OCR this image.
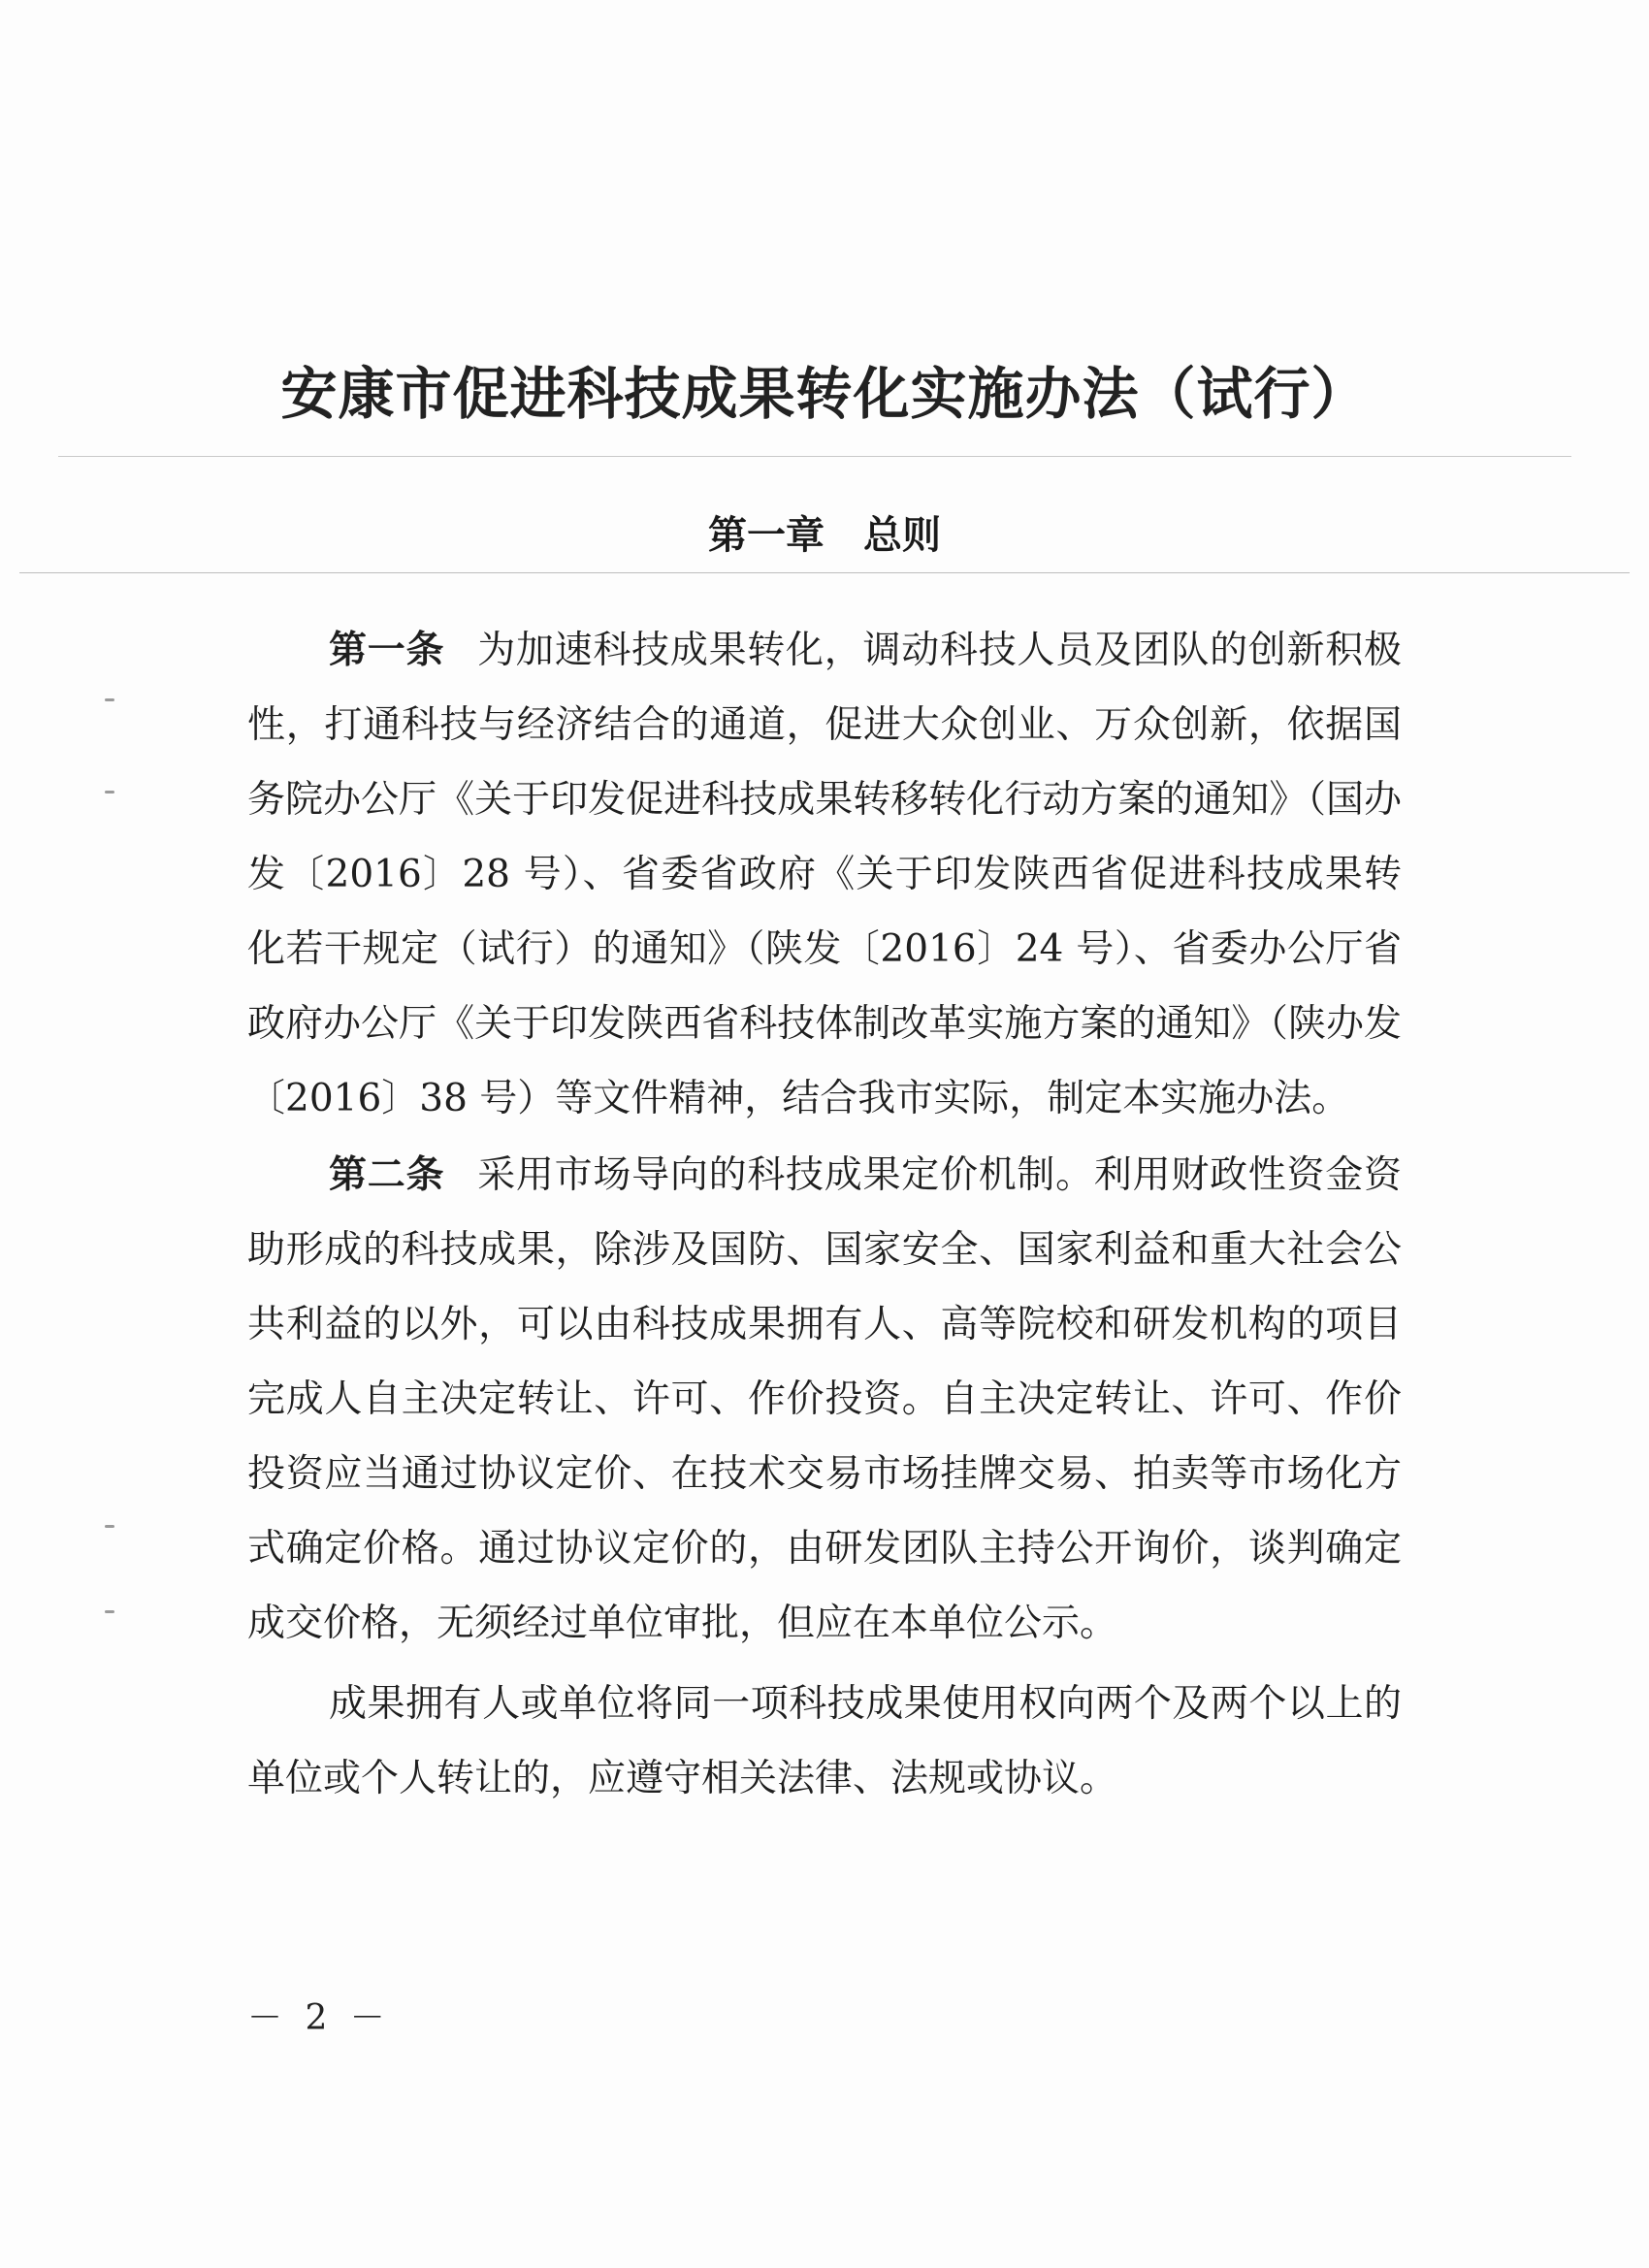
安康市促进科技成果转化实施办法（试行）
第一章　总则

第一条 为加速科技成果转化，调动科技人员及团队的创新积极性，打通科技与经济结合的通道，促进大众创业、万众创新，依据国务院办公厅《关于印发促进科技成果转移转化行动方案的通知》（国办发〔2016〕28 号）、省委省政府《关于印发陕西省促进科技成果转化若干规定（试行）的通知》（陕发〔2016〕24 号）、省委办公厅省政府办公厅《关于印发陕西省科技体制改革实施方案的通知》（陕办发〔2016〕38 号）等文件精神，结合我市实际，制定本实施办法。

第二条 采用市场导向的科技成果定价机制。利用财政性资金资助形成的科技成果，除涉及国防、国家安全、国家利益和重大社会公共利益的以外，可以由科技成果拥有人、高等院校和研发机构的项目完成人自主决定转让、许可、作价投资。自主决定转让、许可、作价投资应当通过协议定价、在技术交易市场挂牌交易、拍卖等市场化方式确定价格。通过协议定价的，由研发团队主持公开询价，谈判确定成交价格，无须经过单位审批，但应在本单位公示。

成果拥有人或单位将同一项科技成果使用权向两个及两个以上的单位或个人转让的，应遵守相关法律、法规或协议。

－ 2 －
